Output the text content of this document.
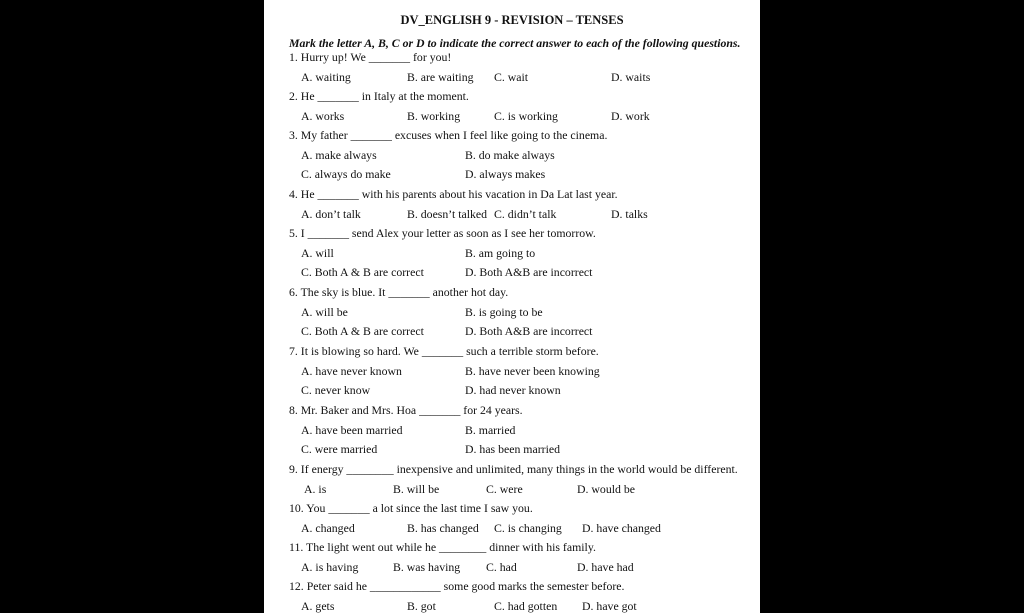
DV_ENGLISH 9 - REVISION – TENSES
Mark the letter A, B, C or D to indicate the correct answer to each of the following questions.
1. Hurry up! We _______ for you!
A. waiting	B. are waiting C. wait	D. waits
2. He _______ in Italy at the moment.
A. works	B. working	C. is working	D. work
3. My father _______ excuses when I feel like going to the cinema.
A. make always	B. do make always
C. always do make	D. always makes
4. He _______ with his parents about his vacation in Da Lat last year.
A. don’t talk	B. doesn’t talked C. didn’t talk	D. talks
5. I _______ send Alex your letter as soon as I see her tomorrow.
A. will	B. am going to
C. Both A & B are correct	D. Both A&B are incorrect
6. The sky is blue. It _______ another hot day.
A. will be	B. is going to be
C. Both A & B are correct	D. Both A&B are incorrect
7. It is blowing so hard. We _______ such a terrible storm before.
A. have never known	B. have never been knowing
C. never know	D. had never known
8. Mr. Baker and Mrs. Hoa _______ for 24 years.
A. have been married	B. married
C. were married	D. has been married
9. If energy ________ inexpensive and unlimited, many things in the world would be different.
A. is	B. will be	C. were	D. would be
10. You _______ a lot since the last time I saw you.
A. changed	B. has changed C. is changing D. have changed
11. The light went out while he ________ dinner with his family.
A. is having	B. was having C. had	D. have had
12. Peter said he ____________ some good marks the semester before.
A. gets	B. got	C. had gotten D. have got
